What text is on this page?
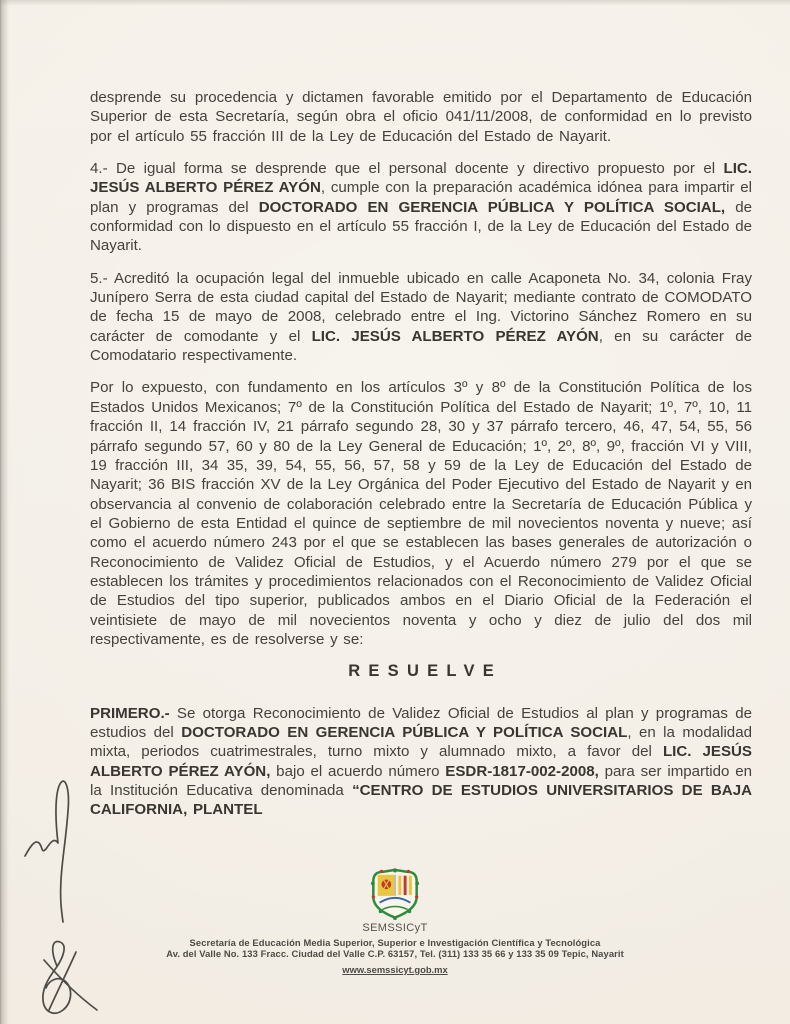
desprende su procedencia y dictamen favorable emitido por el Departamento de Educación Superior de esta Secretaría, según obra el oficio 041/11/2008, de conformidad en lo previsto por el artículo 55 fracción III de la Ley de Educación del Estado de Nayarit.

4.- De igual forma se desprende que el personal docente y directivo propuesto por el LIC. JESÚS ALBERTO PÉREZ AYÓN, cumple con la preparación académica idónea para impartir el plan y programas del DOCTORADO EN GERENCIA PÚBLICA Y POLÍTICA SOCIAL, de conformidad con lo dispuesto en el artículo 55 fracción I, de la Ley de Educación del Estado de Nayarit.

5.- Acreditó la ocupación legal del inmueble ubicado en calle Acaponeta No. 34, colonia Fray Junípero Serra de esta ciudad capital del Estado de Nayarit; mediante contrato de COMODATO de fecha 15 de mayo de 2008, celebrado entre el Ing. Victorino Sánchez Romero en su carácter de comodante y el LIC. JESÚS ALBERTO PÉREZ AYÓN, en su carácter de Comodatario respectivamente.

Por lo expuesto, con fundamento en los artículos 3º y 8º de la Constitución Política de los Estados Unidos Mexicanos; 7º de la Constitución Política del Estado de Nayarit; 1º, 7º, 10, 11 fracción II, 14 fracción IV, 21 párrafo segundo 28, 30 y 37 párrafo tercero, 46, 47, 54, 55, 56 párrafo segundo 57, 60 y 80 de la Ley General de Educación; 1º, 2º, 8º, 9º, fracción VI y VIII, 19 fracción III, 34 35, 39, 54, 55, 56, 57, 58 y 59 de la Ley de Educación del Estado de Nayarit; 36 BIS fracción XV de la Ley Orgánica del Poder Ejecutivo del Estado de Nayarit y en observancia al convenio de colaboración celebrado entre la Secretaría de Educación Pública y el Gobierno de esta Entidad el quince de septiembre de mil novecientos noventa y nueve; así como el acuerdo número 243 por el que se establecen las bases generales de autorización o Reconocimiento de Validez Oficial de Estudios, y el Acuerdo número 279 por el que se establecen los trámites y procedimientos relacionados con el Reconocimiento de Validez Oficial de Estudios del tipo superior, publicados ambos en el Diario Oficial de la Federación el veintisiete de mayo de mil novecientos noventa y ocho y diez de julio del dos mil respectivamente, es de resolverse y se:

RESUELVE

PRIMERO.- Se otorga Reconocimiento de Validez Oficial de Estudios al plan y programas de estudios del DOCTORADO EN GERENCIA PÚBLICA Y POLÍTICA SOCIAL, en la modalidad mixta, periodos cuatrimestrales, turno mixto y alumnado mixto, a favor del LIC. JESÚS ALBERTO PÉREZ AYÓN, bajo el acuerdo número ESDR-1817-002-2008, para ser impartido en la Institución Educativa denominada “CENTRO DE ESTUDIOS UNIVERSITARIOS DE BAJA CALIFORNIA, PLANTEL

SEMSSICyT
Secretaría de Educación Media Superior, Superior e Investigación Científica y Tecnológica
Av. del Valle No. 133 Fracc. Ciudad del Valle C.P. 63157, Tel. (311) 133 35 66 y 133 35 09 Tepic, Nayarit
www.semssicyt.gob.mx
